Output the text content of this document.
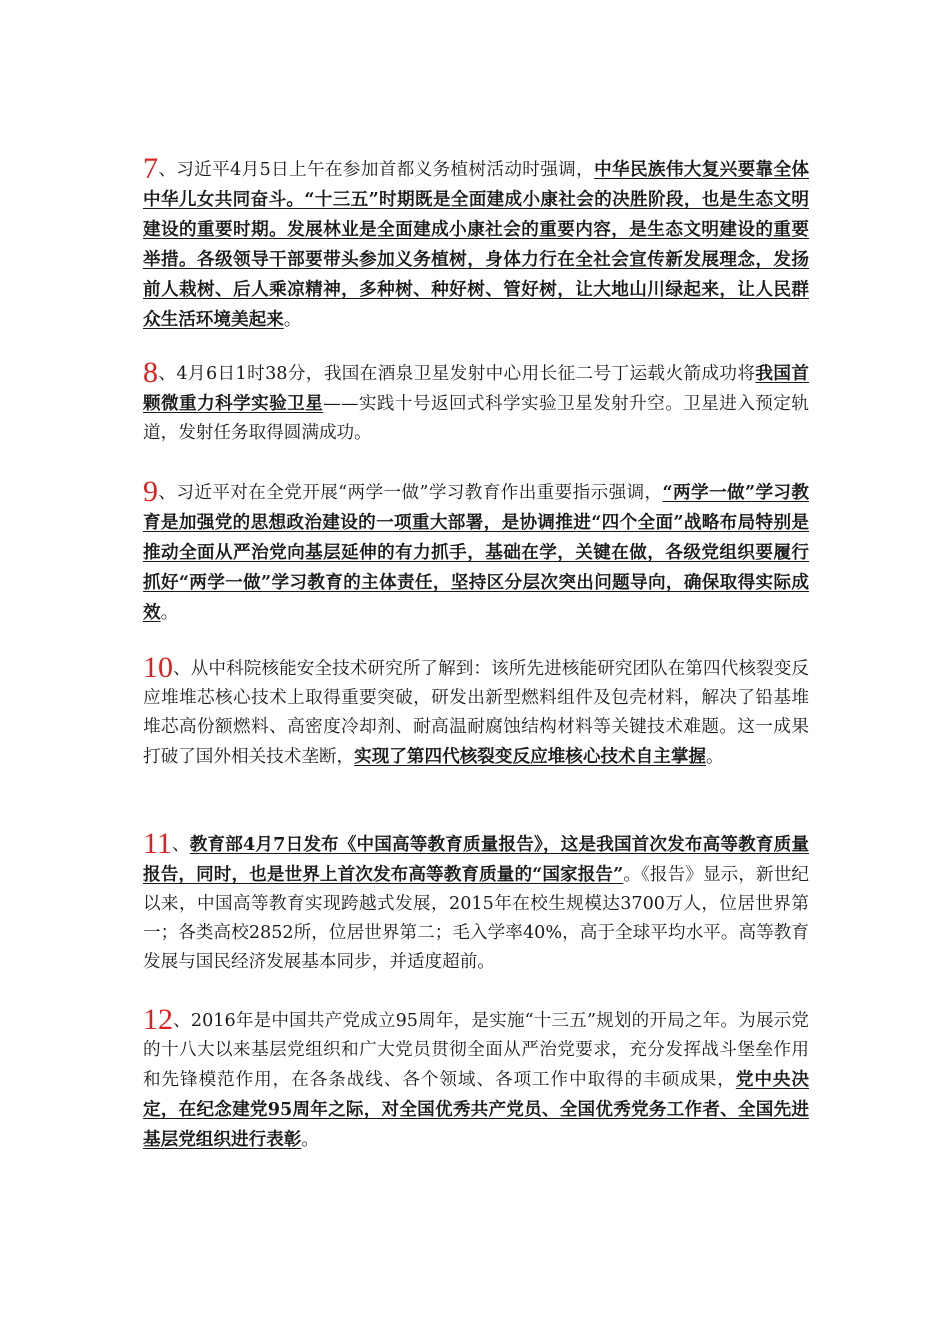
7、习近平4月5日上午在参加首都义务植树活动时强调，中华民族伟大复兴要靠全体中华儿女共同奋斗。“十三五”时期既是全面建成小康社会的决胜阶段，也是生态文明建设的重要时期。发展林业是全面建成小康社会的重要内容，是生态文明建设的重要举措。各级领导干部要带头参加义务植树，身体力行在全社会宣传新发展理念，发扬前人栽树、后人乘凉精神，多种树、种好树、管好树，让大地山川绿起来，让人民群众生活环境美起来。

8、4月6日1时38分，我国在酒泉卫星发射中心用长征二号丁运载火箭成功将我国首颗微重力科学实验卫星——实践十号返回式科学实验卫星发射升空。卫星进入预定轨道，发射任务取得圆满成功。

9、习近平对在全党开展“两学一做”学习教育作出重要指示强调，“两学一做”学习教育是加强党的思想政治建设的一项重大部署，是协调推进“四个全面”战略布局特别是推动全面从严治党向基层延伸的有力抓手，基础在学，关键在做，各级党组织要履行抓好“两学一做”学习教育的主体责任，坚持区分层次突出问题导向，确保取得实际成效。

10、从中科院核能安全技术研究所了解到：该所先进核能研究团队在第四代核裂变反应堆堆芯核心技术上取得重要突破，研发出新型燃料组件及包壳材料，解决了铅基堆堆芯高份额燃料、高密度冷却剂、耐高温耐腐蚀结构材料等关键技术难题。这一成果打破了国外相关技术垄断，实现了第四代核裂变反应堆核心技术自主掌握。

11、教育部4月7日发布《中国高等教育质量报告》，这是我国首次发布高等教育质量报告，同时，也是世界上首次发布高等教育质量的“国家报告”。《报告》显示，新世纪以来，中国高等教育实现跨越式发展，2015年在校生规模达3700万人，位居世界第一；各类高校2852所，位居世界第二；毛入学率40%，高于全球平均水平。高等教育发展与国民经济发展基本同步，并适度超前。

12、2016年是中国共产党成立95周年，是实施“十三五”规划的开局之年。为展示党的十八大以来基层党组织和广大党员贯彻全面从严治党要求，充分发挥战斗堡垒作用和先锋模范作用，在各条战线、各个领域、各项工作中取得的丰硕成果，党中央决定，在纪念建党95周年之际，对全国优秀共产党员、全国优秀党务工作者、全国先进基层党组织进行表彰。
